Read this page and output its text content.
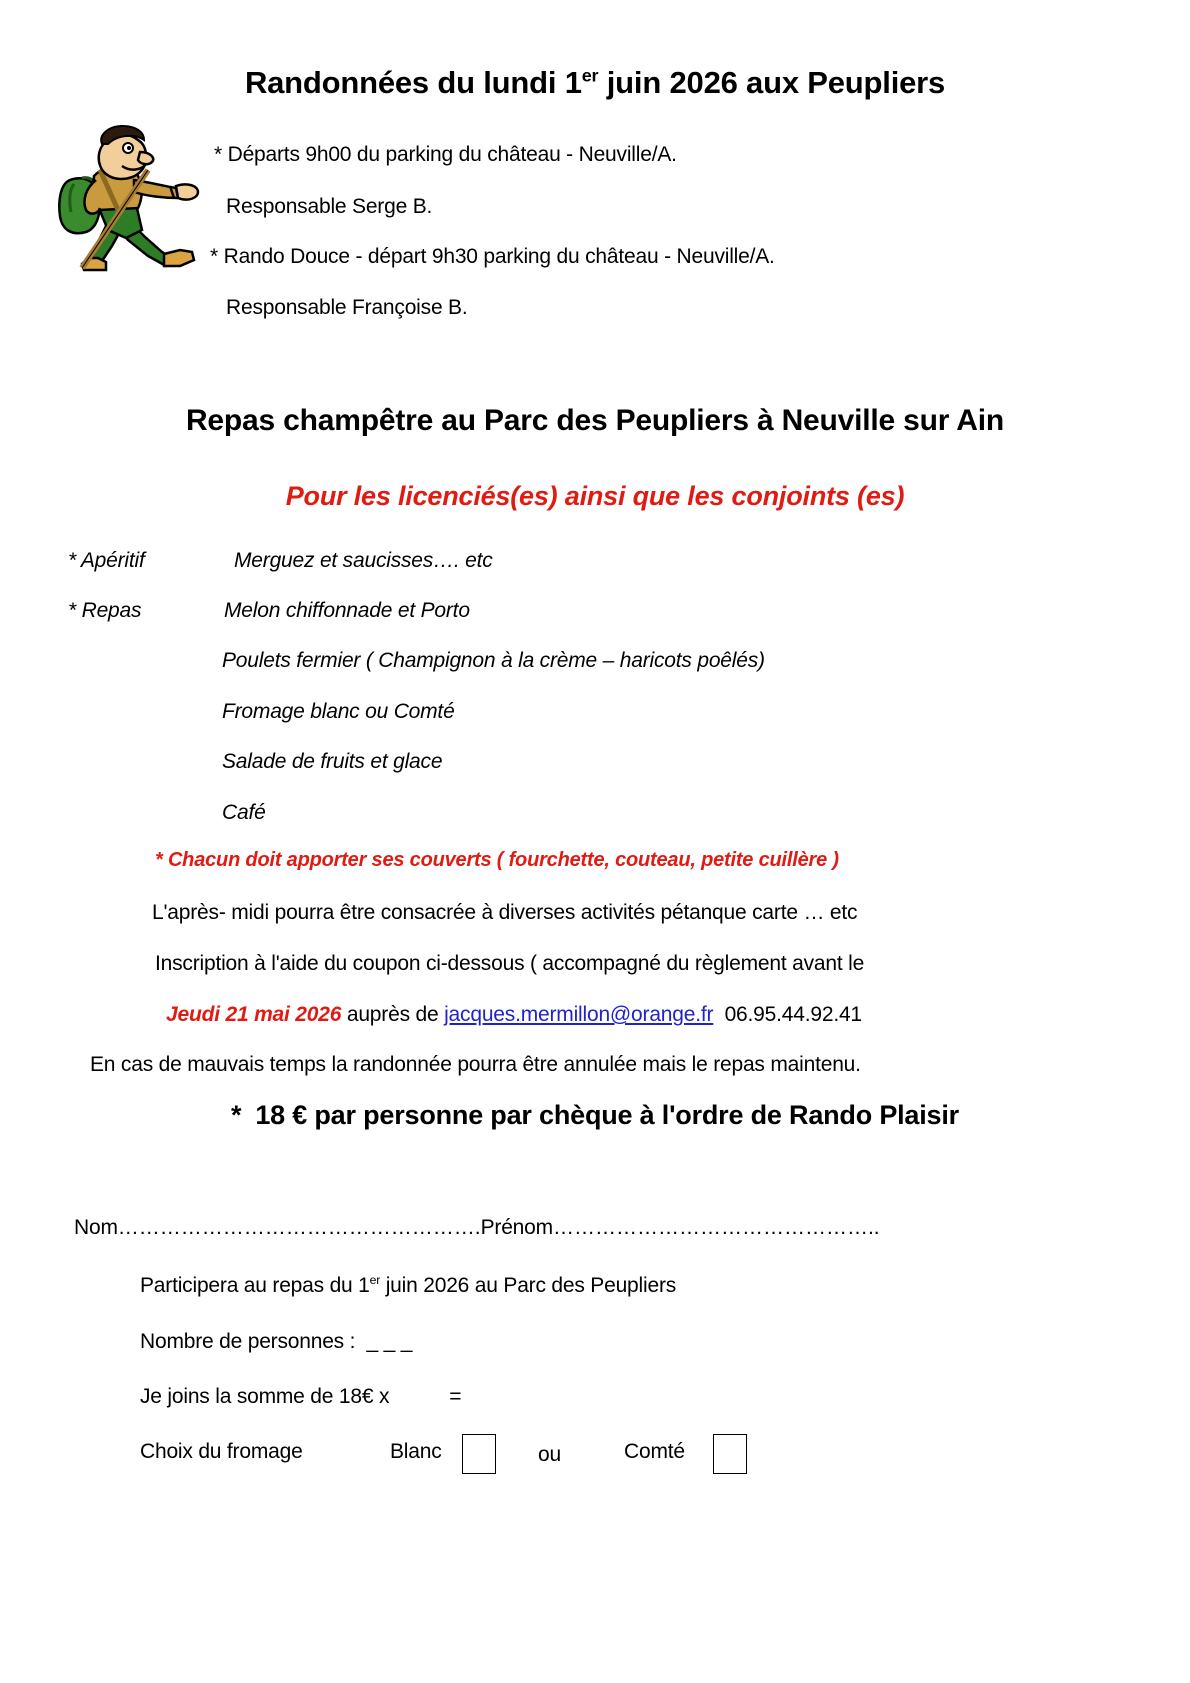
Randonnées du lundi 1er juin 2026 aux Peupliers
* Départs 9h00 du parking du château - Neuville/A.
Responsable Serge B.
* Rando Douce - départ 9h30 parking du château - Neuville/A.
Responsable Françoise B.
Repas champêtre au Parc des Peupliers à Neuville sur Ain
Pour les licenciés(es) ainsi que les conjoints (es)
* Apéritif	Merguez et saucisses…. etc
* Repas	Melon chiffonnade et Porto
Poulets fermier ( Champignon à la crème – haricots poêlés)
Fromage blanc ou Comté
Salade de fruits et glace
Café
* Chacun doit apporter ses couverts ( fourchette, couteau, petite cuillère )
L'après- midi pourra être consacrée à diverses activités pétanque carte … etc
Inscription à l'aide du coupon ci-dessous ( accompagné du règlement avant le
Jeudi 21 mai 2026 auprès de jacques.mermillon@orange.fr 06.95.44.92.41
En cas de mauvais temps la randonnée pourra être annulée mais le repas maintenu.
* 18 € par personne par chèque à l'ordre de Rando Plaisir
Nom…………………………………………….Prénom………………………………………..
Participera au repas du 1er juin 2026 au Parc des Peupliers
Nombre de personnes : _ _ _
Je joins la somme de 18€ x	=
Choix du fromage	Blanc	ou	Comté
